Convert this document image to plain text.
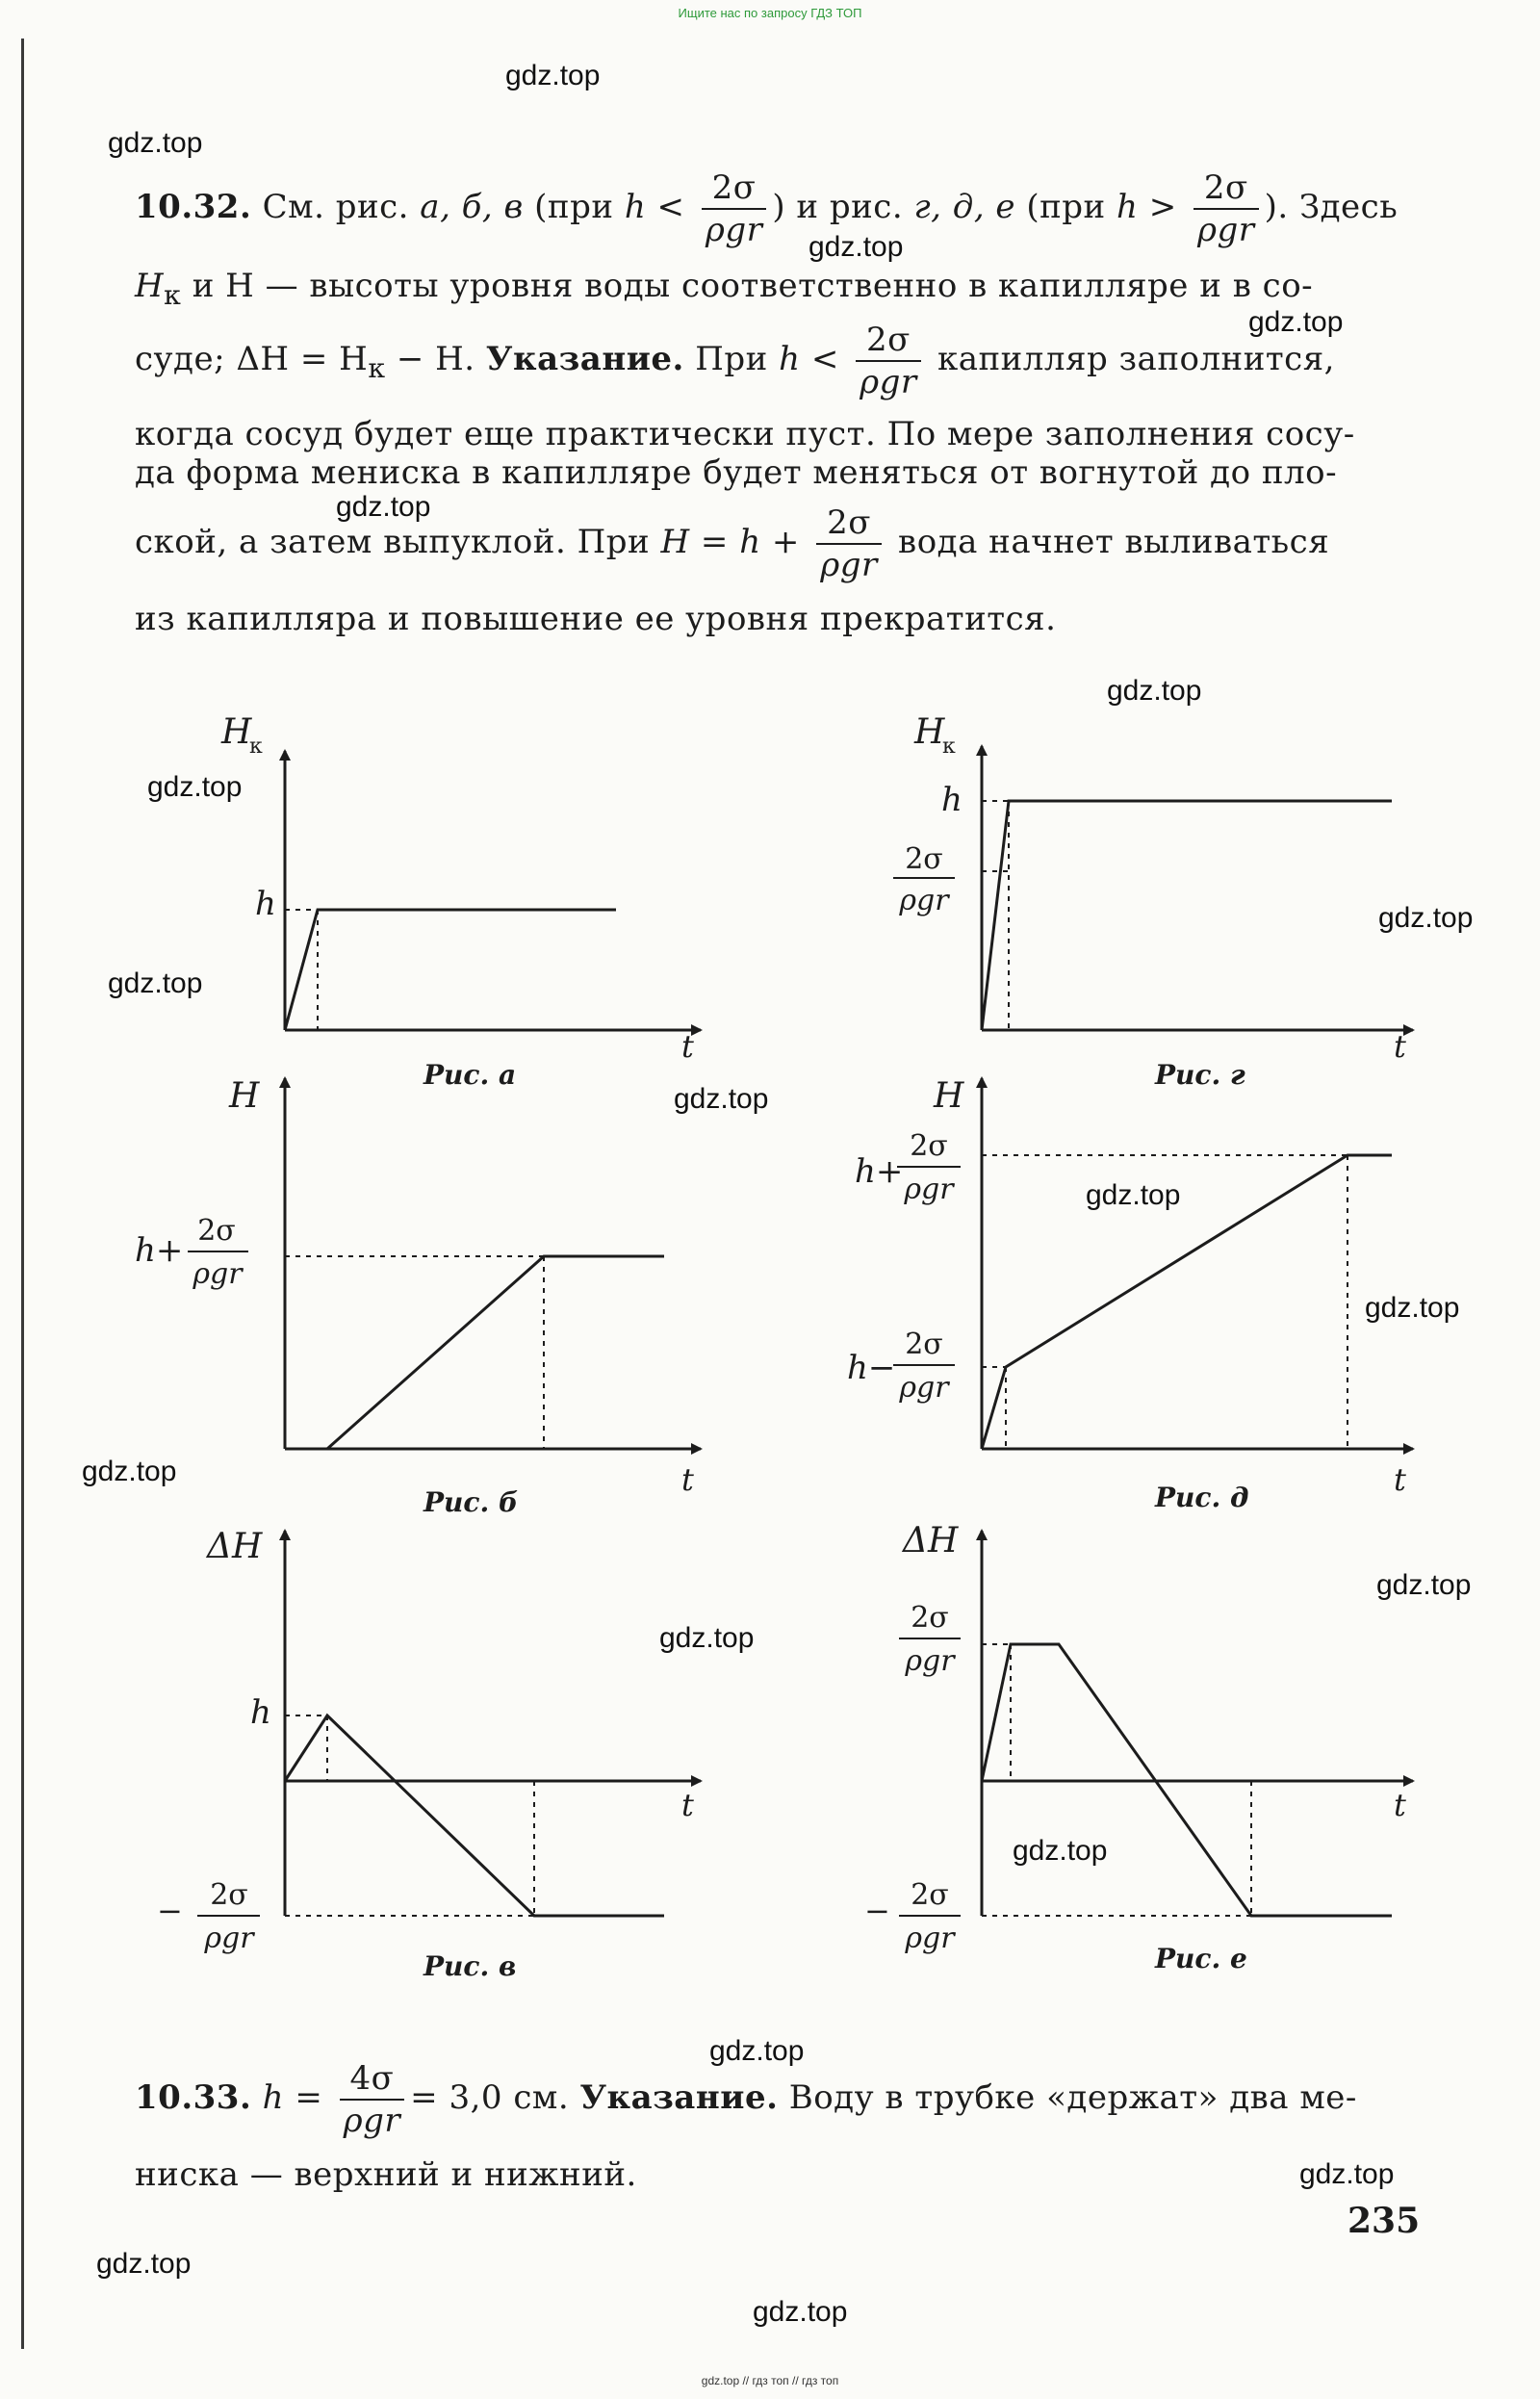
Ищите нас по запросу ГДЗ ТОП
gdz.top
gdz.top
gdz.top
gdz.top
gdz.top
gdz.top
gdz.top
gdz.top
gdz.top
gdz.top
gdz.top
gdz.top
gdz.top
gdz.top
gdz.top
gdz.top
gdz.top
gdz.top
gdz.top
gdz.top
10.32. См. рис. а, б, в (при $h < \frac{2\sigma}{\text{ρgr}}$ ) и рис. г, д, е (при $h > \frac{2\sigma}{\text{ρgr}}$ ). Здесь
$H_к$ и H — высоты уровня воды соответственно в капилляре и в со-
суде; $\Delta H = H_к - H$. Указание. При $h < \frac{2\sigma}{\text{ρgr}}$ капилляр заполнится,
когда сосуд будет еще практически пуст. По мере заполнения сосу-
да форма мениска в капилляре будет меняться от вогнутой до пло-
ской, а затем выпуклой. При $H = h + \frac{2\sigma}{\text{ρgr}}$ вода начнет выливаться
из капилляра и повышение ее уровня прекратится.
H
к
h
t
Рис. а
H
h+
2σ
ρgr
t
Рис. б
ΔH
h
t
− 2σ
ρgr
Рис. в
H
к
h
2σ
ρgr
t
Рис. г
H
h+
2σ
ρgr
h−
2σ
ρgr
t
Рис. д
ΔH
2σ
ρgr
t
− 2σ
ρgr
Рис. е
10.33. $h = \frac{4\sigma}{\text{ρgr}} = 3,0$ см. Указание. Воду в трубке «держат» два ме-
ниска — верхний и нижний.
235
gdz.top // гдз топ // гдз топ
